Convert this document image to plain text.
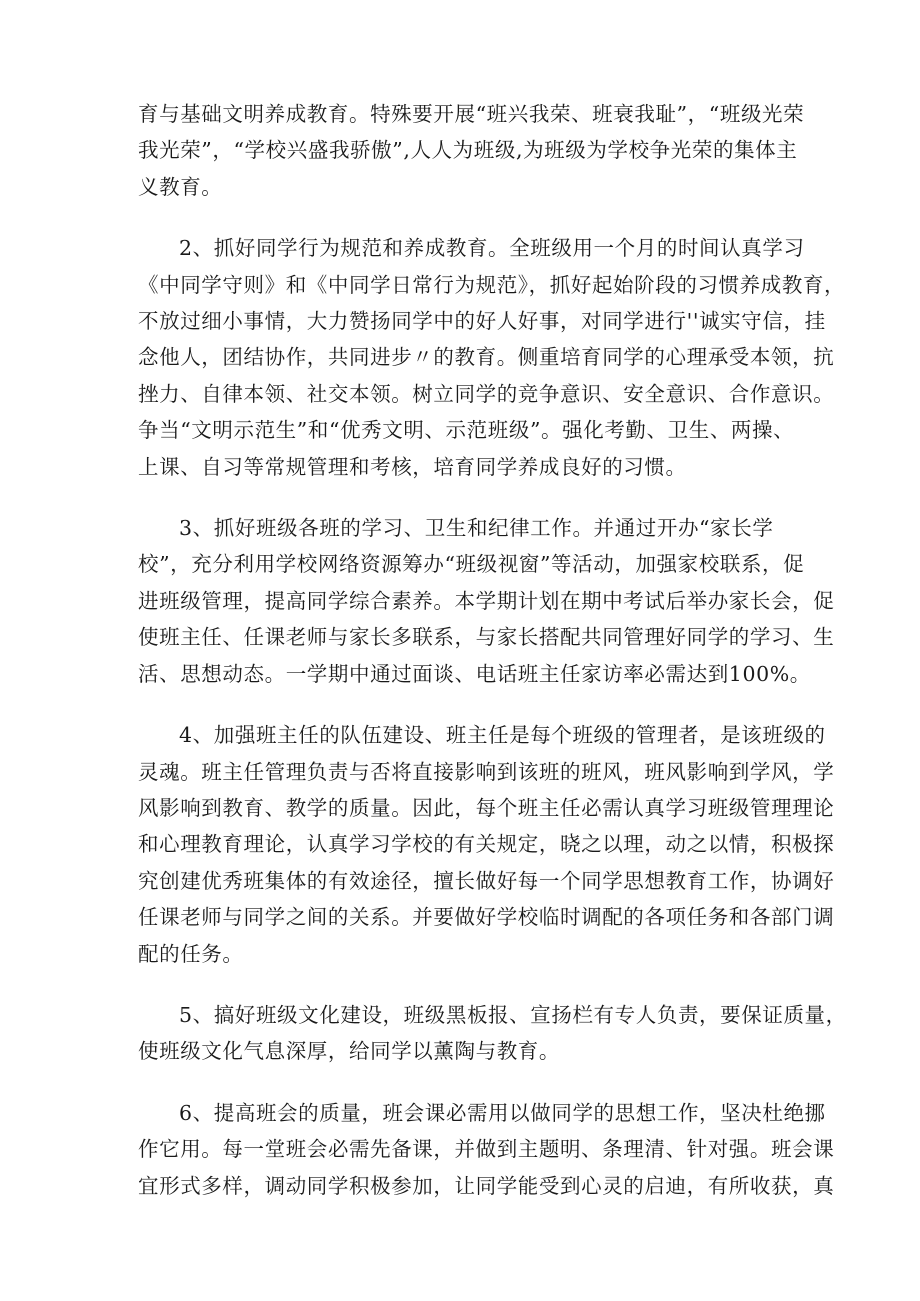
育与基础文明养成教育。特殊要开展“班兴我荣、班衰我耻”，“班级光荣
我光荣”，“学校兴盛我骄傲”,人人为班级,为班级为学校争光荣的集体主
义教育。
2、抓好同学行为规范和养成教育。全班级用一个月的时间认真学习
《中同学守则》和《中同学日常行为规范》，抓好起始阶段的习惯养成教育，
不放过细小事情，大力赞扬同学中的好人好事，对同学进行''诚实守信，挂
念他人，团结协作，共同进步〃的教育。侧重培育同学的心理承受本领，抗
挫力、自律本领、社交本领。树立同学的竞争意识、安全意识、合作意识。
争当“文明示范生”和“优秀文明、示范班级”。强化考勤、卫生、两操、
上课、自习等常规管理和考核，培育同学养成良好的习惯。
3、抓好班级各班的学习、卫生和纪律工作。并通过开办“家长学
校”，充分利用学校网络资源筹办“班级视窗”等活动，加强家校联系，促
进班级管理，提高同学综合素养。本学期计划在期中考试后举办家长会，促
使班主任、任课老师与家长多联系，与家长搭配共同管理好同学的学习、生
活、思想动态。一学期中通过面谈、电话班主任家访率必需达到100%。
4、加强班主任的队伍建设、班主任是每个班级的管理者，是该班级的
灵魂。班主任管理负责与否将直接影响到该班的班风，班风影响到学风，学
风影响到教育、教学的质量。因此，每个班主任必需认真学习班级管理理论
和心理教育理论，认真学习学校的有关规定，晓之以理，动之以情，积极探
究创建优秀班集体的有效途径，擅长做好每一个同学思想教育工作，协调好
任课老师与同学之间的关系。并要做好学校临时调配的各项任务和各部门调
配的任务。
5、搞好班级文化建设，班级黑板报、宣扬栏有专人负责，要保证质量，
使班级文化气息深厚，给同学以薰陶与教育。
6、提高班会的质量，班会课必需用以做同学的思想工作，坚决杜绝挪
作它用。每一堂班会必需先备课，并做到主题明、条理清、针对强。班会课
宜形式多样，调动同学积极参加，让同学能受到心灵的启迪，有所收获，真
